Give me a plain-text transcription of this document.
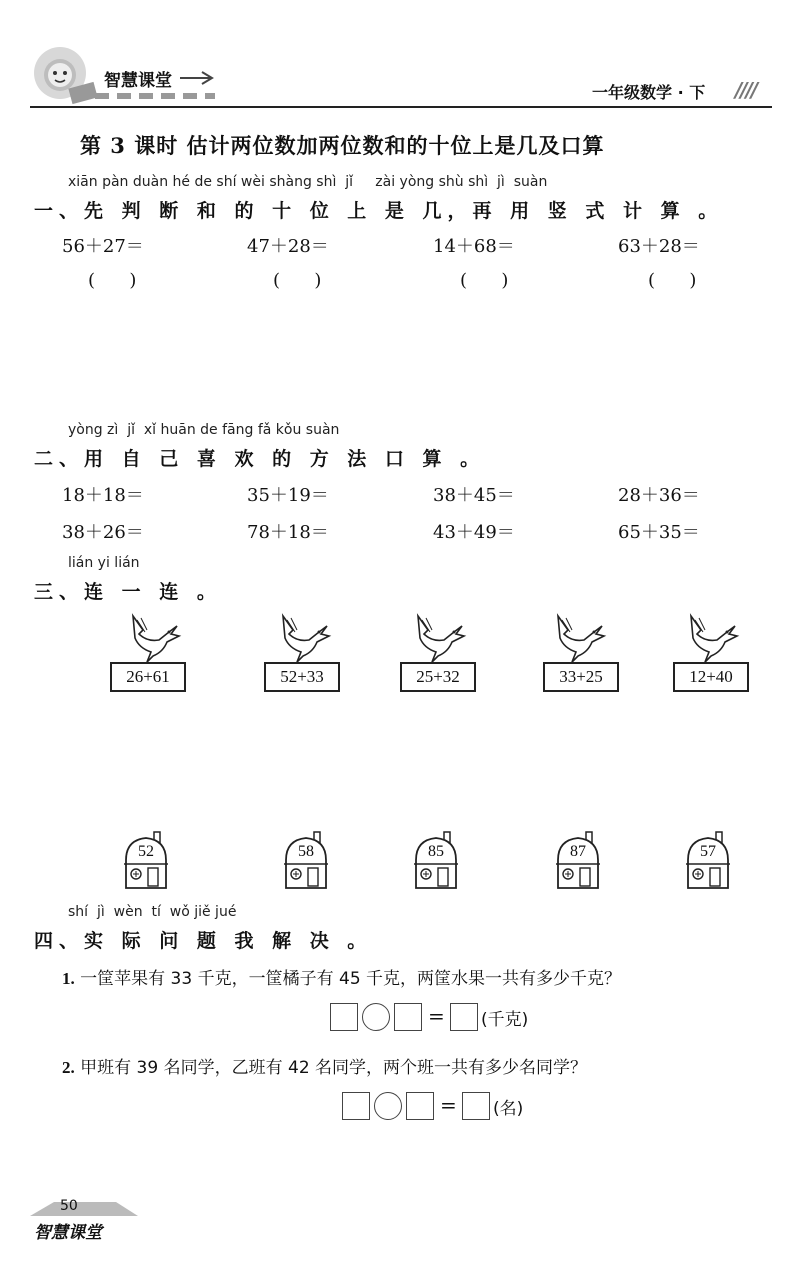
智慧课堂
一年级数学 · 下 ////
第 3 课时 估计两位数加两位数和的十位上是几及口算
xiān pàn duàn hé de shí wèi shàng shì  jǐ     zài yòng shù shì  jì  suàn
一、先 判 断 和 的 十 位 上 是 几，再 用 竖 式 计 算 。
56＋27＝	47＋28＝	14＋68＝	63＋28＝
(      )	(      )	(      )	(      )
yòng zì  jǐ  xǐ huān de fāng fǎ kǒu suàn
二、用 自 己 喜 欢 的 方 法 口 算 。
18＋18＝	35＋19＝	38＋45＝	28＋36＝
38＋26＝	78＋18＝	43＋49＝	65＋35＝
lián yi lián
三、连 一 连 。
26+61	52+33	25+32	33+25	12+40
52	58	85	87	57
shí  jì  wèn  tí  wǒ jiě jué
四、实 际 问 题 我 解 决 。
1. 一筐苹果有 33 千克，一筐橘子有 45 千克，两筐水果一共有多少千克？
= (千克)
2. 甲班有 39 名同学，乙班有 42 名同学，两个班一共有多少名同学？
= (名)
50
智慧课堂
